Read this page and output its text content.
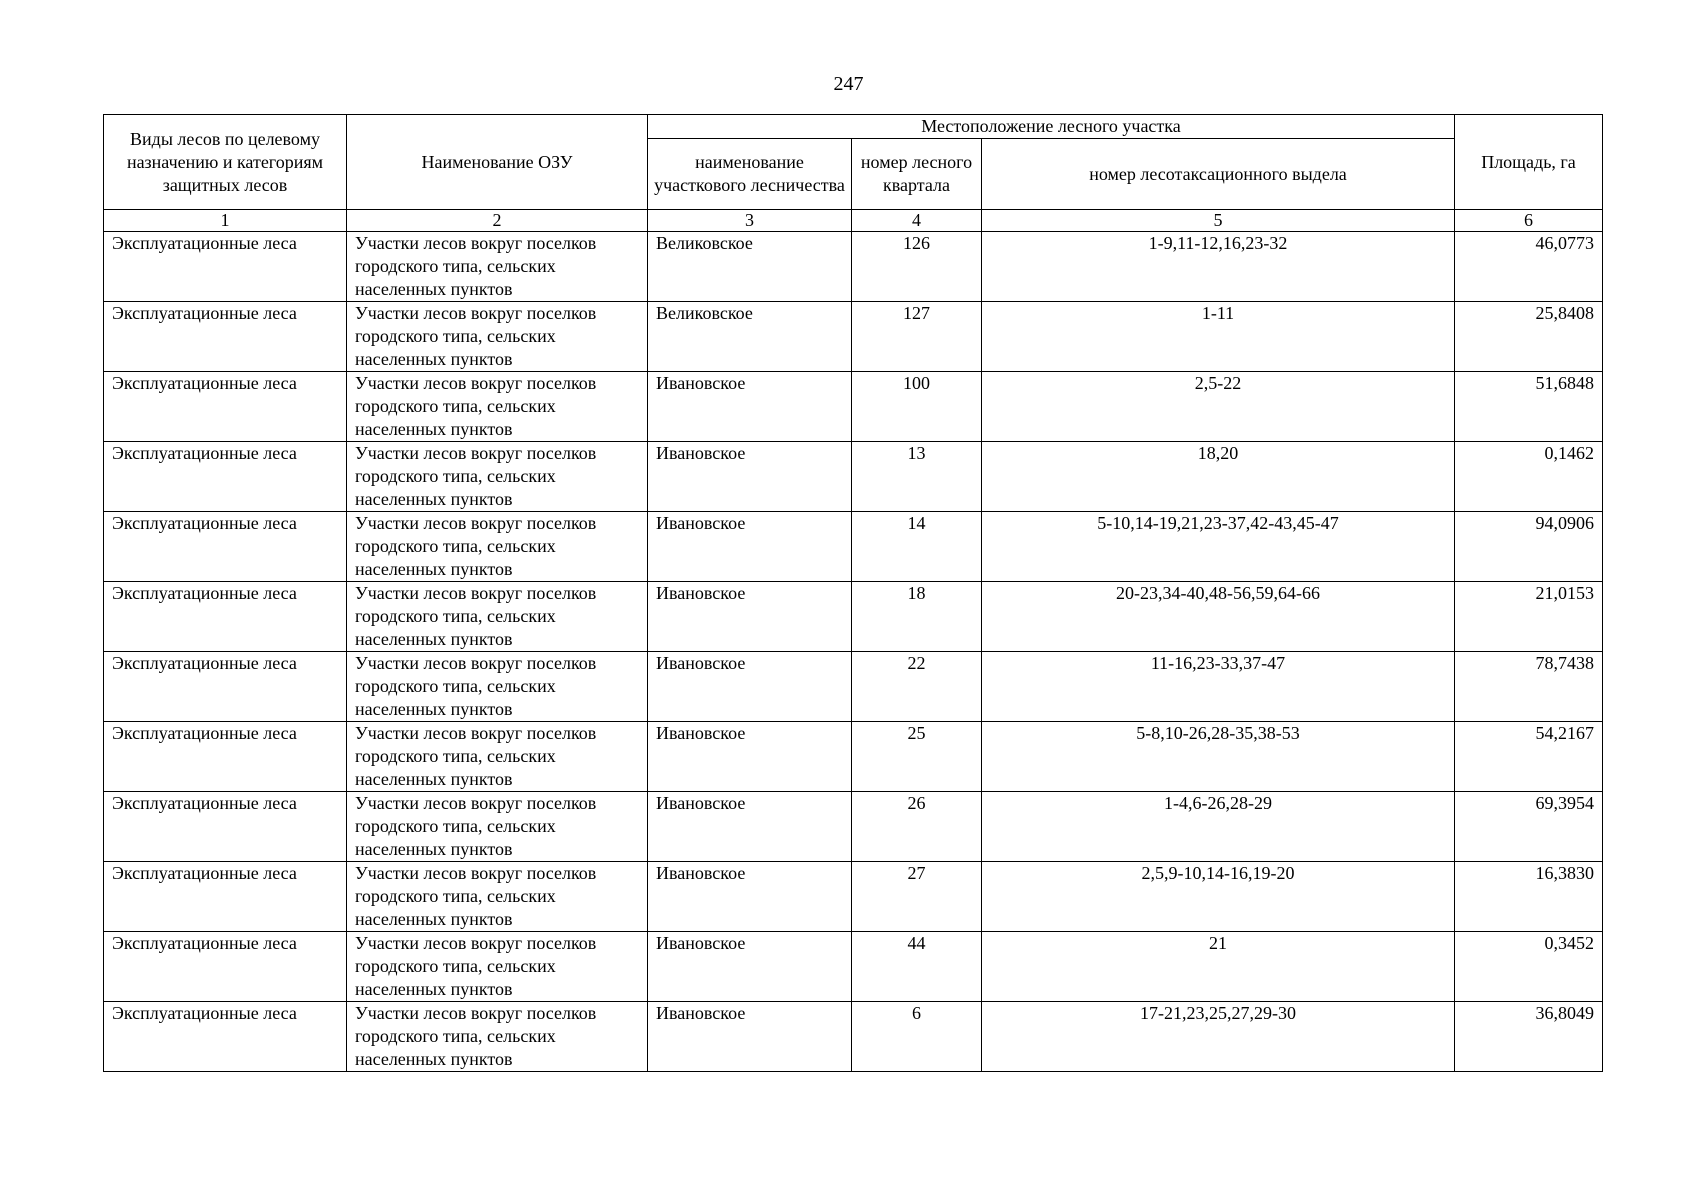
247
Виды лесов по целевому назначению и категориям защитных лесов	Наименование ОЗУ	Местоположение лесного участка			Площадь, га
		наименование участкового лесничества	номер лесного квартала	номер лесотаксационного выдела	
1	2	3	4	5	6
Эксплуатационные леса	Участки лесов вокруг поселков городского типа, сельских населенных пунктов	Великовское	126	1-9,11-12,16,23-32	46,0773
Эксплуатационные леса	Участки лесов вокруг поселков городского типа, сельских населенных пунктов	Великовское	127	1-11	25,8408
Эксплуатационные леса	Участки лесов вокруг поселков городского типа, сельских населенных пунктов	Ивановское	100	2,5-22	51,6848
Эксплуатационные леса	Участки лесов вокруг поселков городского типа, сельских населенных пунктов	Ивановское	13	18,20	0,1462
Эксплуатационные леса	Участки лесов вокруг поселков городского типа, сельских населенных пунктов	Ивановское	14	5-10,14-19,21,23-37,42-43,45-47	94,0906
Эксплуатационные леса	Участки лесов вокруг поселков городского типа, сельских населенных пунктов	Ивановское	18	20-23,34-40,48-56,59,64-66	21,0153
Эксплуатационные леса	Участки лесов вокруг поселков городского типа, сельских населенных пунктов	Ивановское	22	11-16,23-33,37-47	78,7438
Эксплуатационные леса	Участки лесов вокруг поселков городского типа, сельских населенных пунктов	Ивановское	25	5-8,10-26,28-35,38-53	54,2167
Эксплуатационные леса	Участки лесов вокруг поселков городского типа, сельских населенных пунктов	Ивановское	26	1-4,6-26,28-29	69,3954
Эксплуатационные леса	Участки лесов вокруг поселков городского типа, сельских населенных пунктов	Ивановское	27	2,5,9-10,14-16,19-20	16,3830
Эксплуатационные леса	Участки лесов вокруг поселков городского типа, сельских населенных пунктов	Ивановское	44	21	0,3452
Эксплуатационные леса	Участки лесов вокруг поселков городского типа, сельских населенных пунктов	Ивановское	6	17-21,23,25,27,29-30	36,8049
